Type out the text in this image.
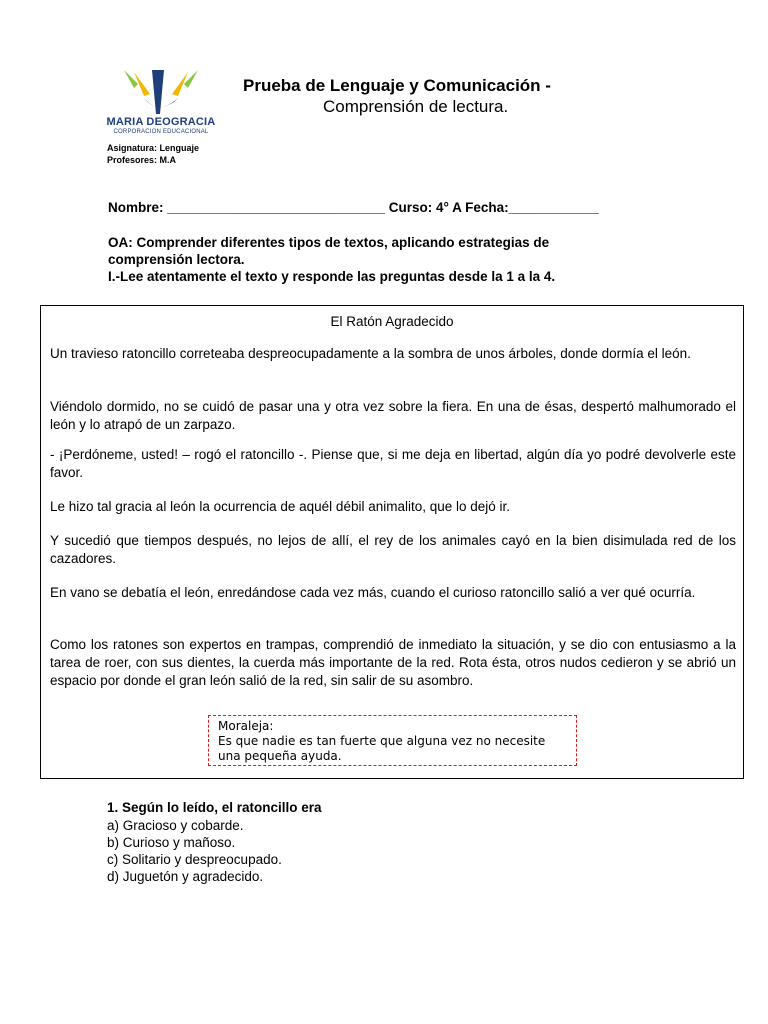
MARIA DEOGRACIA
CORPORACION EDUCACIONAL
Asignatura: Lenguaje
Profesores: M.A
Prueba de Lenguaje y Comunicación -
Comprensión de lectura.
Nombre: _____________________________ Curso: 4° A Fecha:____________
OA: Comprender diferentes tipos de textos, aplicando estrategias de
comprensión lectora.
I.-Lee atentamente el texto y responde las preguntas desde la 1 a la 4.
El Ratón Agradecido
Un travieso ratoncillo correteaba despreocupadamente a la sombra de unos árboles, donde dormía el león.
Viéndolo dormido, no se cuidó de pasar una y otra vez sobre la fiera. En una de ésas, despertó malhumorado el león y lo atrapó de un zarpazo.
- ¡Perdóneme, usted! – rogó el ratoncillo -. Piense que, si me deja en libertad, algún día yo podré devolverle este favor.
Le hizo tal gracia al león la ocurrencia de aquél débil animalito, que lo dejó ir.
Y sucedió que tiempos después, no lejos de allí, el rey de los animales cayó en la bien disimulada red de los cazadores.
En vano se debatía el león, enredándose cada vez más, cuando el curioso ratoncillo salió a ver qué ocurría.
Como los ratones son expertos en trampas, comprendió de inmediato la situación, y se dio con entusiasmo a la tarea de roer, con sus dientes, la cuerda más importante de la red. Rota ésta, otros nudos cedieron y se abrió un espacio por donde el gran león salió de la red, sin salir de su asombro.
Moraleja:
Es que nadie es tan fuerte que alguna vez no necesite una pequeña ayuda.
1. Según lo leído, el ratoncillo era
a) Gracioso y cobarde.
b) Curioso y mañoso.
c) Solitario y despreocupado.
d) Juguetón y agradecido.
